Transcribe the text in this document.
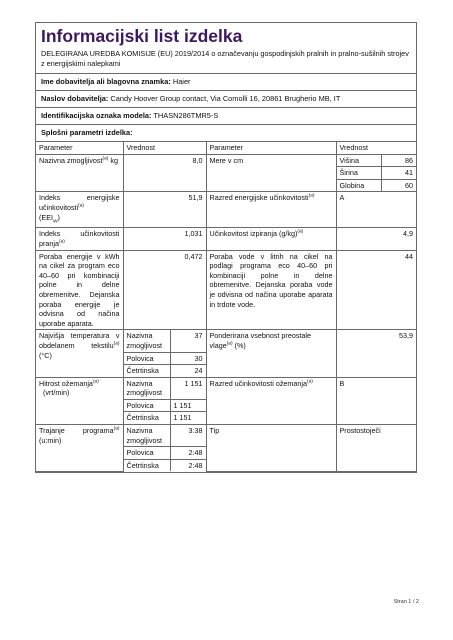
Informacijski list izdelka
DELEGIRANA UREDBA KOMISIJE (EU) 2019/2014 o označevanju gospodinjskih pralnih in pralno-sušilnih strojev z energijskimi nalepkami
Ime dobavitelja ali blagovna znamka: Haier
Naslov dobavitelja: Candy Hoover Group contact, Via Comolli 16, 20861 Brugherio MB, IT
Identifikacijska oznaka modela: THASN286TMR5-S
Splošni parametri izdelka:
Parameter	Vrednost		Parameter	Vrednost	
Nazivna zmogljivost$^{(a)}$ kg	8,0		Mere v cm	Višina	86
				Širina	41
				Globina	60
Indeks energijske učinkovitosti$^{(a)}$
$(EEI_W)$	51,9		Razred energijske učinkovitosti$^{(a)}$	A	
Indeks učinkovitosti pranja$^{(a)}$	1,031		Učinkovitost izpiranja $(g/kg)^{(a)}$	4,9	
Poraba energije v kWh na cikel za program eco 40–60 pri kombinaciji polne in delne obremenitve. Dejanska poraba energije je odvisna od načina uporabe aparata.	0,472		Poraba vode v litrih na cikel na podlagi programa eco 40–60 pri kombinaciji polne in delne obremenitve. Dejanska poraba vode je odvisna od načina uporabe aparata in trdote vode.	44	
Najvišja temperatura v obdelanem tekstilu$^{(a)}$ (°C)	Nazivna zmogljivost	37	Ponderirana vsebnost preostale vlage$^{(a)}$ (%)	53,9	
	Polovica	30			
	Četrtinska	24			
Hitrost ožemanja$^{(a)}$
(vrt/min)	Nazivna zmogljivost	1 151	Razred učinkovitosti ožemanja$^{(a)}$	B	
	Polovica	1 151			
	Četrtinska	1 151			
Trajanje programa$^{(a)}$ (u:min)	Nazivna zmogljivost	3:38	Tip	Prostostoječi	
	Polovica	2:48			
	Četrtinska	2:48			
Stran 1 / 2
